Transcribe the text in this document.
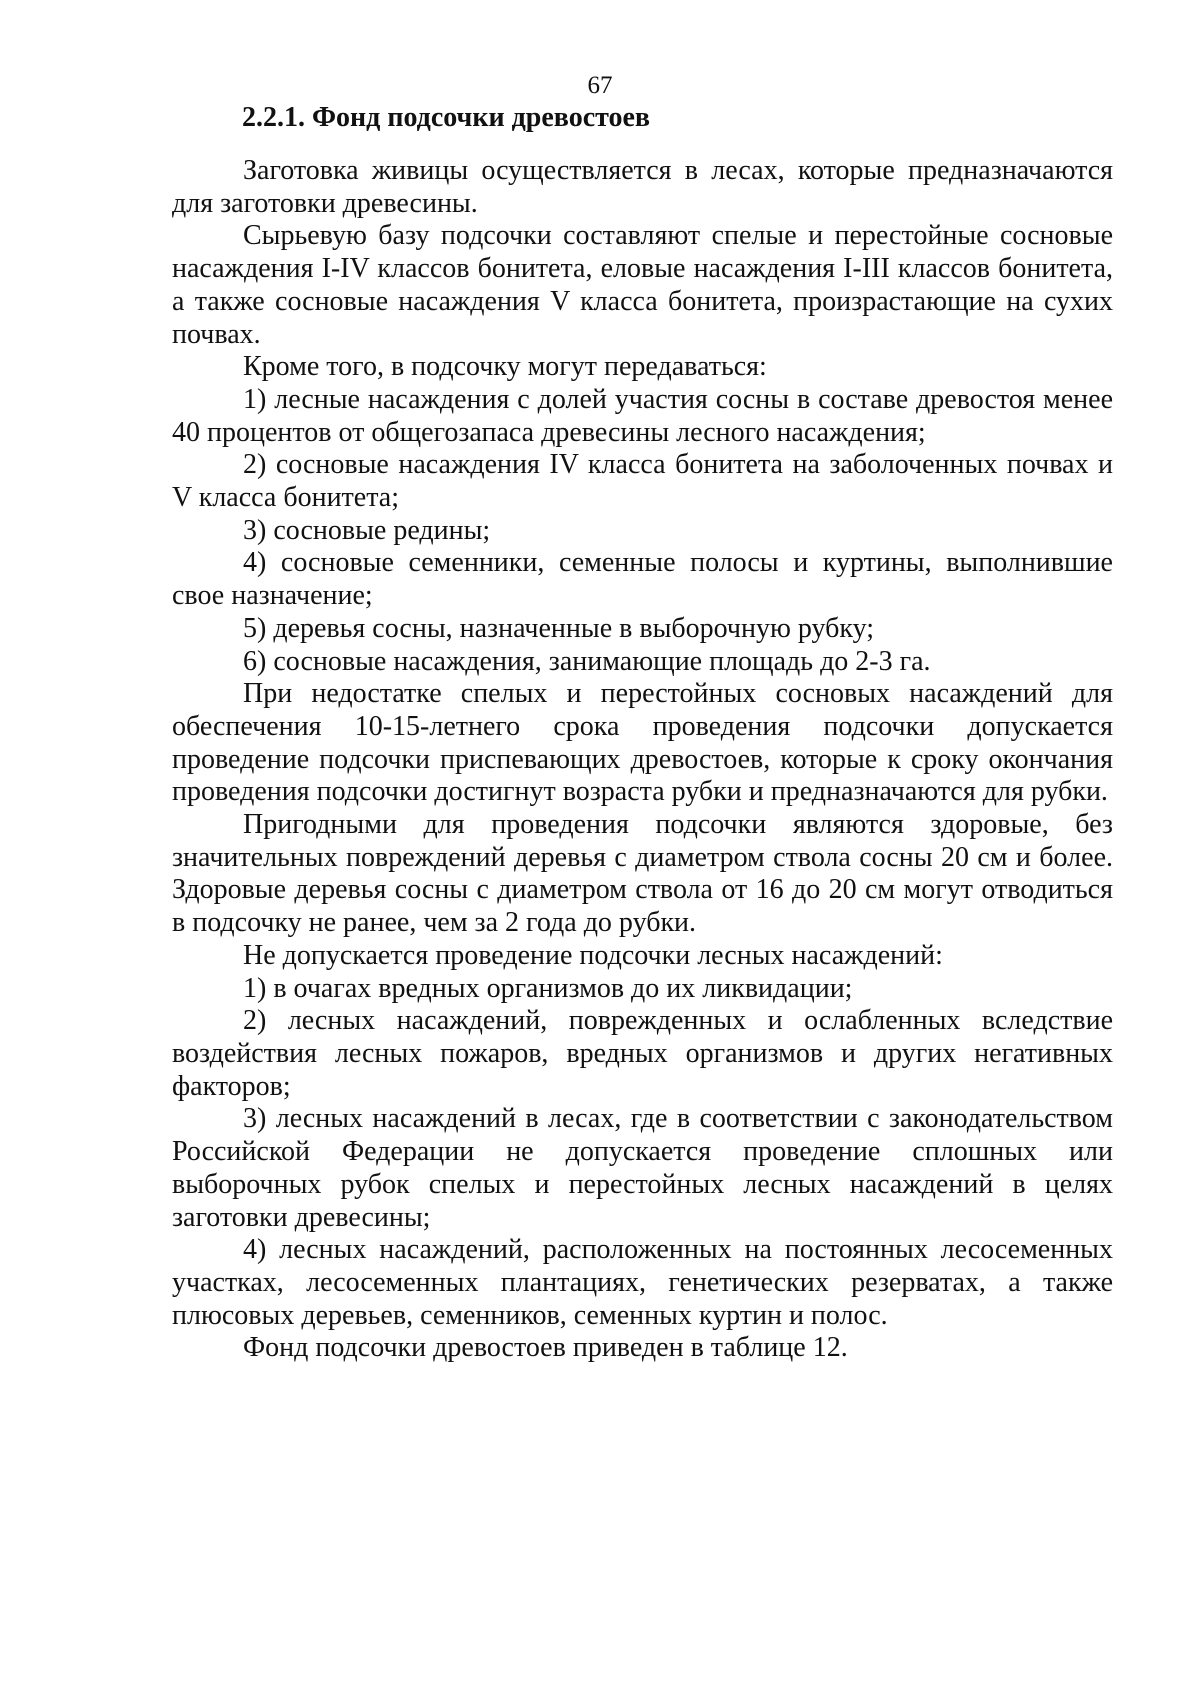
67
2.2.1. Фонд подсочки древостоев

Заготовка живицы осуществляется в лесах, которые предназначаются для заготовки древесины.

Сырьевую базу подсочки составляют спелые и перестойные сосновые насаждения I-IV классов бонитета, еловые насаждения I-III классов бонитета, а также сосновые насаждения V класса бонитета, произрастающие на сухих почвах.

Кроме того, в подсочку могут передаваться:

1) лесные насаждения с долей участия сосны в составе древостоя менее 40 процентов от общегозапаса древесины лесного насаждения;

2) сосновые насаждения IV класса бонитета на заболоченных почвах и V класса бонитета;

3) сосновые редины;

4) сосновые семенники, семенные полосы и куртины, выполнившие свое назначение;

5) деревья сосны, назначенные в выборочную рубку;

6) сосновые насаждения, занимающие площадь до 2-3 га.

При недостатке спелых и перестойных сосновых насаждений для обеспечения 10-15-летнего срока проведения подсочки допускается проведение подсочки приспевающих древостоев, которые к сроку окончания проведения подсочки достигнут возраста рубки и предназначаются для рубки.

Пригодными для проведения подсочки являются здоровые, без значительных повреждений деревья с диаметром ствола сосны 20 см и более. Здоровые деревья сосны с диаметром ствола от 16 до 20 см могут отводиться в подсочку не ранее, чем за 2 года до рубки.

Не допускается проведение подсочки лесных насаждений:

1) в очагах вредных организмов до их ликвидации;

2) лесных насаждений, поврежденных и ослабленных вследствие воздействия лесных пожаров, вредных организмов и других негативных факторов;

3) лесных насаждений в лесах, где в соответствии с законодательством Российской Федерации не допускается проведение сплошных или выборочных рубок спелых и перестойных лесных насаждений в целях заготовки древесины;

4) лесных насаждений, расположенных на постоянных лесосеменных участках, лесосеменных плантациях, генетических резерватах, а также плюсовых деревьев, семенников, семенных куртин и полос.

Фонд подсочки древостоев приведен в таблице 12.
